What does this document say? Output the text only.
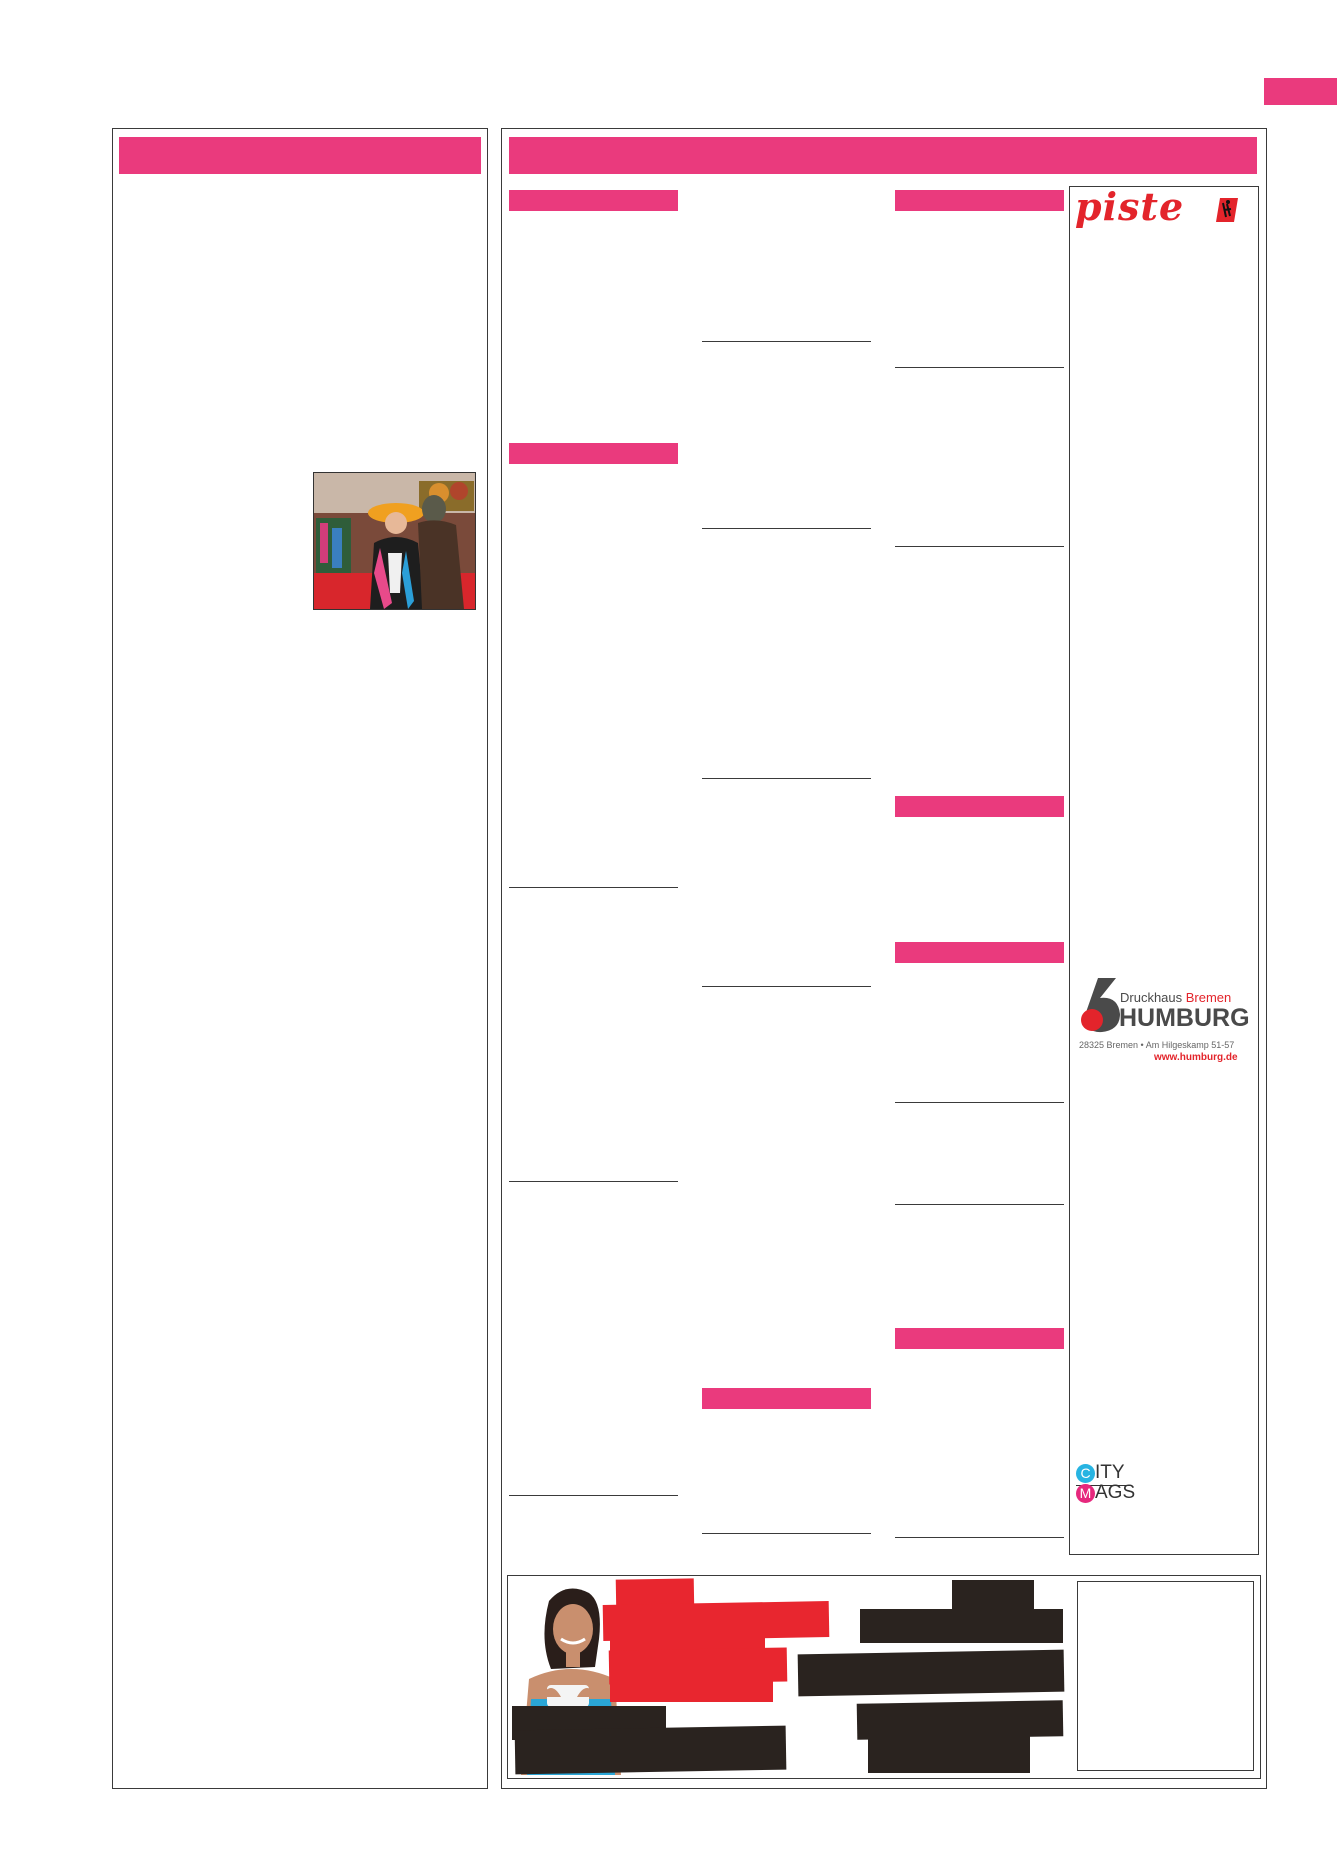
piste
Druckhaus Bremen
HUMBURG
28325 Bremen • Am Hilgeskamp 51-57
www.humburg.de
C ITY
M AGS
